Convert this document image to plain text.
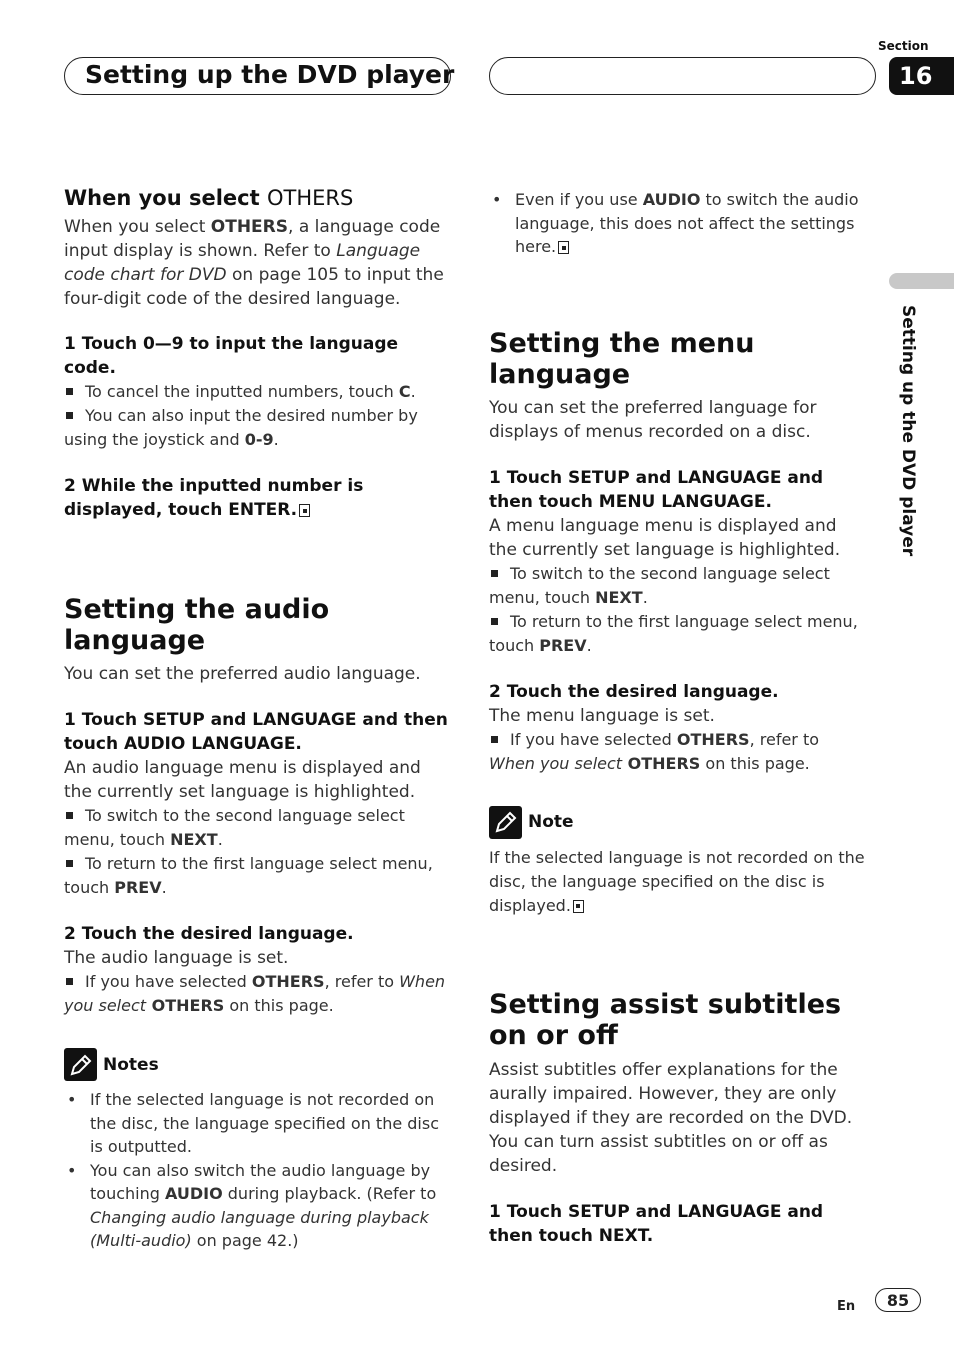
Setting up the DVD player
Section
16
Setting up the DVD player

When you select OTHERS

When you select OTHERS, a language code input display is shown. Refer to Language code chart for DVD on page 105 to input the four-digit code of the desired language.

1 Touch 0—9 to input the language code.

To cancel the inputted numbers, touch C.

You can also input the desired number by using the joystick and 0-9.

2 While the inputted number is displayed, touch ENTER.

Setting the audio language

You can set the preferred audio language.

1 Touch SETUP and LANGUAGE and then touch AUDIO LANGUAGE.

An audio language menu is displayed and the currently set language is highlighted.

To switch to the second language select menu, touch NEXT.

To return to the first language select menu, touch PREV.

2 Touch the desired language.

The audio language is set.

If you have selected OTHERS, refer to When you select OTHERS on this page.

Notes

• If the selected language is not recorded on the disc, the language specified on the disc is outputted.

• You can also switch the audio language by touching AUDIO during playback. (Refer to Changing audio language during playback (Multi-audio) on page 42.)

• Even if you use AUDIO to switch the audio language, this does not affect the settings here.

Setting the menu language

You can set the preferred language for displays of menus recorded on a disc.

1 Touch SETUP and LANGUAGE and then touch MENU LANGUAGE.

A menu language menu is displayed and the currently set language is highlighted.

To switch to the second language select menu, touch NEXT.

To return to the first language select menu, touch PREV.

2 Touch the desired language.

The menu language is set.

If you have selected OTHERS, refer to When you select OTHERS on this page.

Note

If the selected language is not recorded on the disc, the language specified on the disc is displayed.

Setting assist subtitles on or off

Assist subtitles offer explanations for the aurally impaired. However, they are only displayed if they are recorded on the DVD.

You can turn assist subtitles on or off as desired.

1 Touch SETUP and LANGUAGE and then touch NEXT.

En	85
